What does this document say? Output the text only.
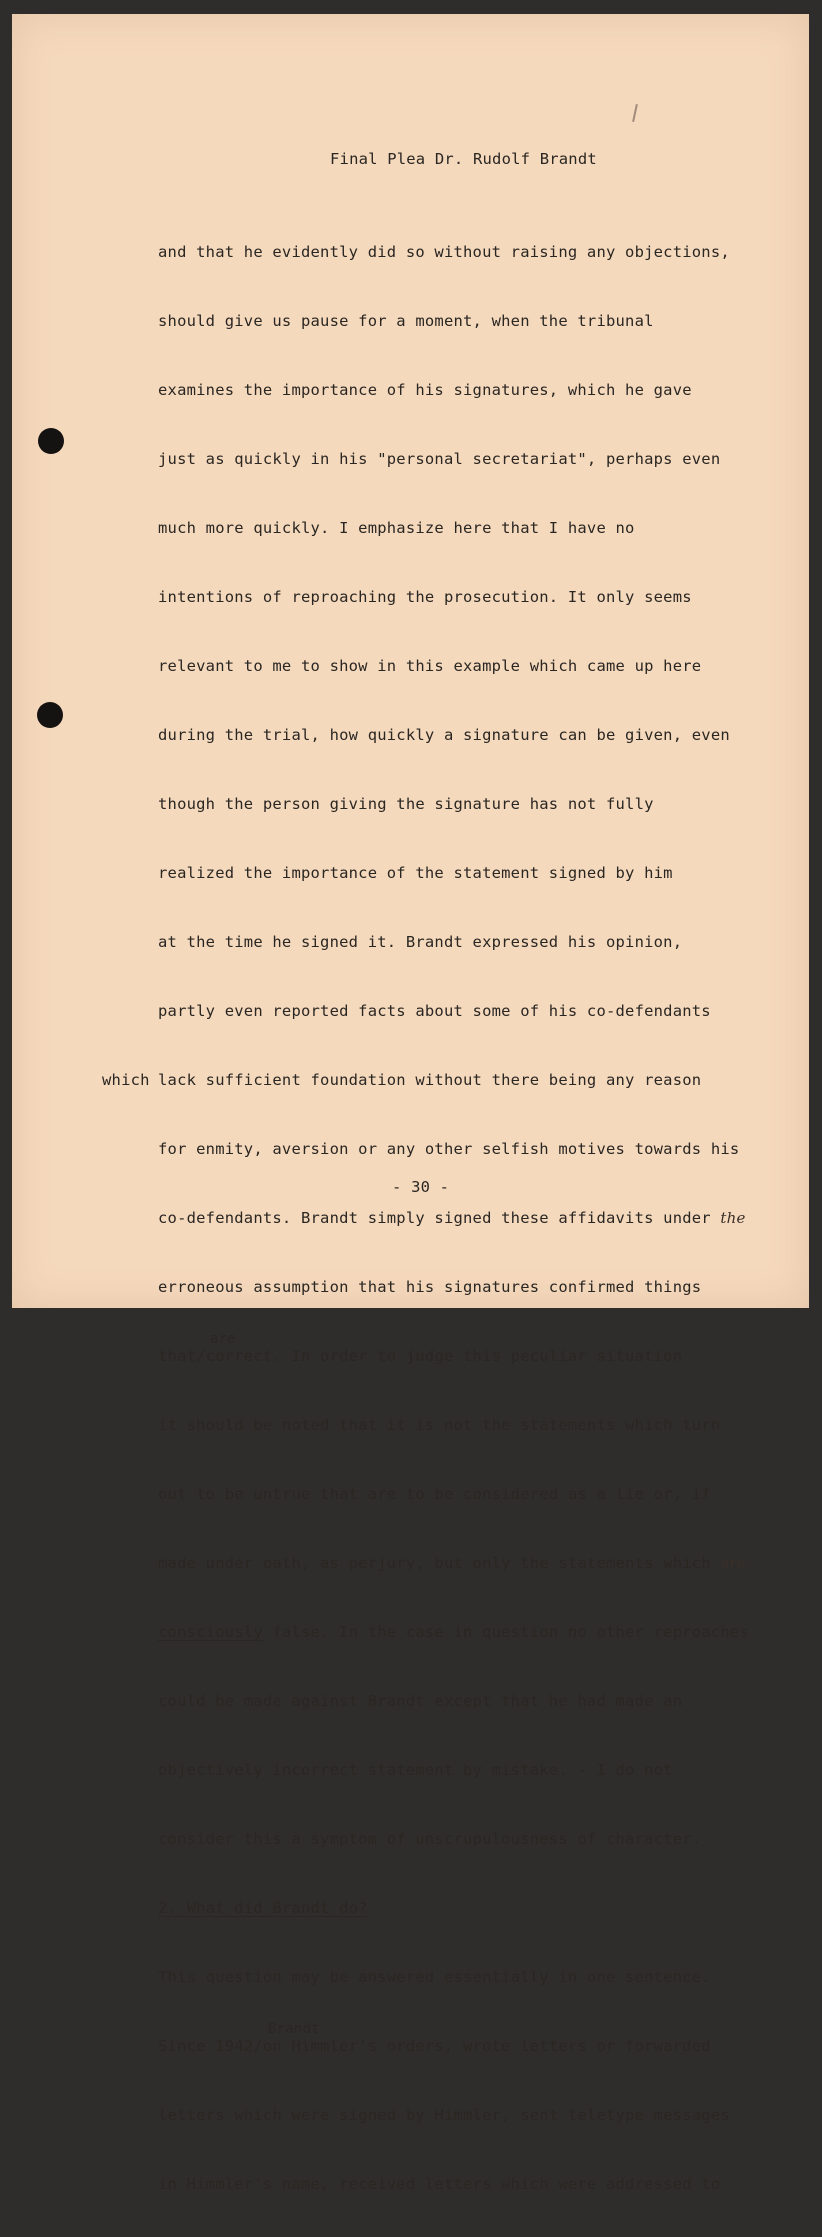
Final Plea Dr. Rudolf Brandt

and that he evidently did so without raising any objections,

should give us pause for a moment, when the tribunal

examines the importance of his signatures, which he gave

just as quickly in his "personal secretariat", perhaps even

much more quickly. I emphasize here that I have no

intentions of reproaching the prosecution. It only seems

relevant to me to show in this example which came up here

during the trial, how quickly a signature can be given, even

though the person giving the signature has not fully

realized the importance of the statement signed by him

at the time he signed it. Brandt expressed his opinion,

partly even reported facts about some of his co-defendants

which lack sufficient foundation without there being any reason

for enmity, aversion or any other selfish motives towards his

co-defendants. Brandt simply signed these affidavits under the

erroneous assumption that his signatures confirmed things

are
that/correct. In order to judge this peculiar situation

it should be noted that it is not the statements which turn

out to be untrue that are to be considered as a lie or, if

made under oath, as perjury, but only the statements which are

consciously false. In the case in question no other reproaches

could be made against Brandt except that he had made an

objectively incorrect statement by mistake. - I do not

consider this a symptom of unscrupulousness of character.

2. What did Brandt do?

This question may be answered essentially in one sentence.

Brandt
Since 1942/on Himmler's orders, wrote letters or forwarded

letters which were signed by Himmler, sent teletype messages

in Himmler's name, received letters which were addressed to

- 30 -
